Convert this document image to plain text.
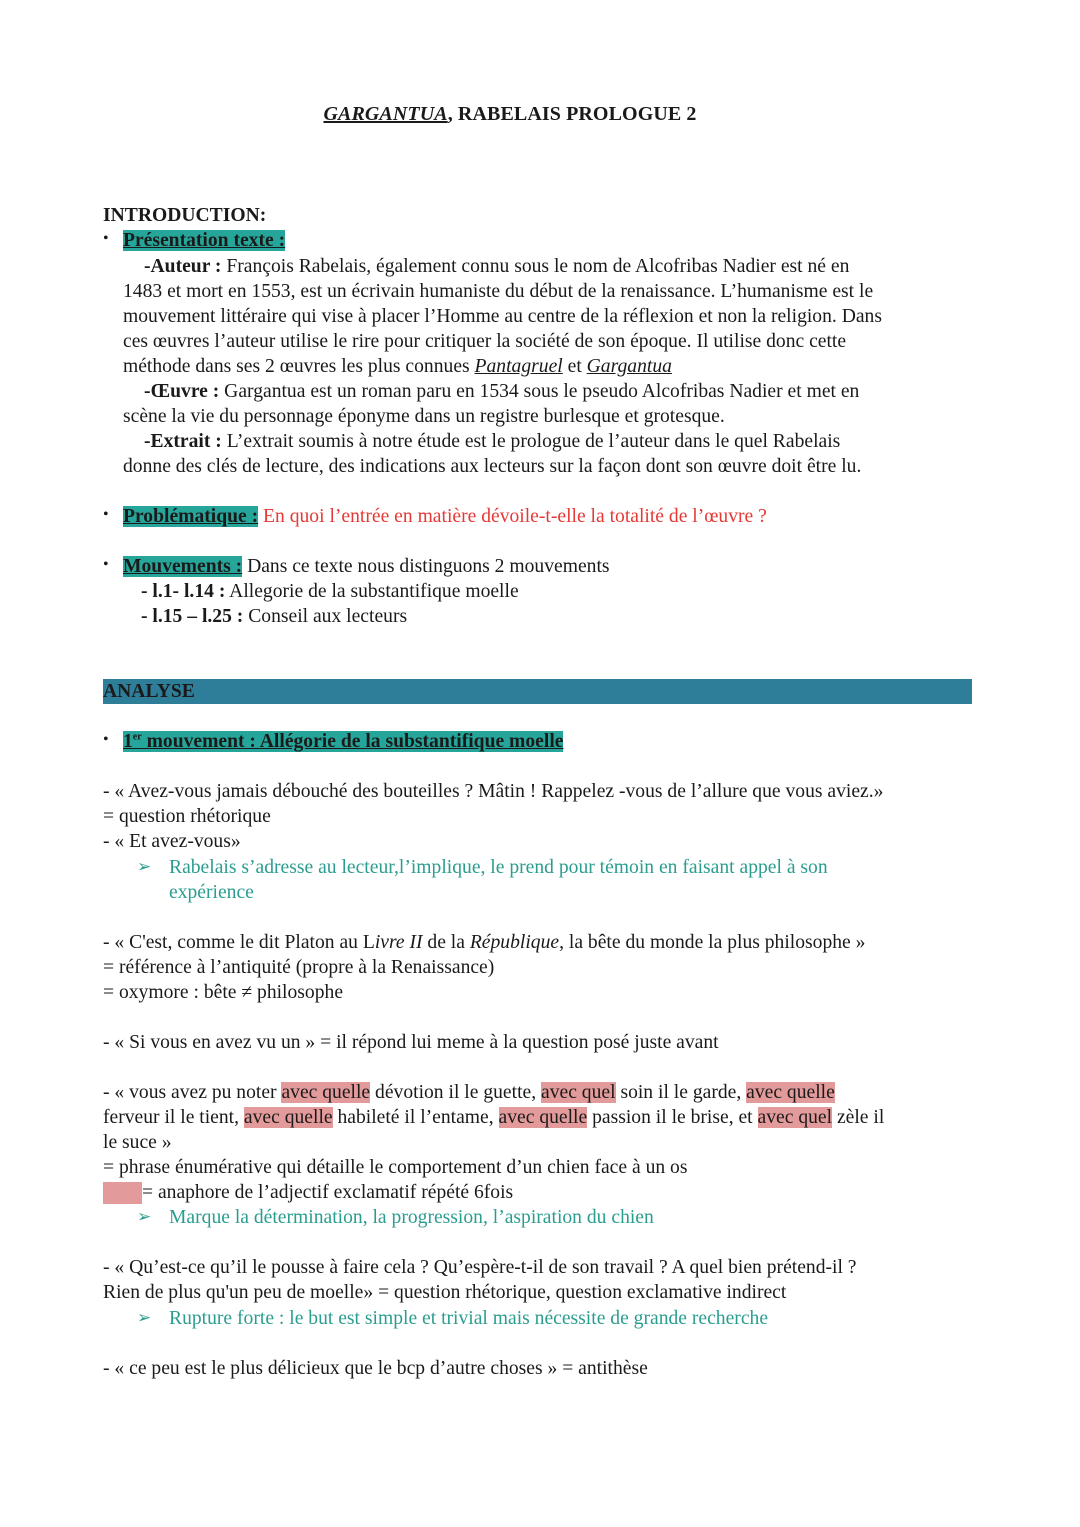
GARGANTUA, RABELAIS PROLOGUE 2
INTRODUCTION:
• Présentation texte :
-Auteur : François Rabelais, également connu sous le nom de Alcofribas Nadier est né en
1483 et mort en 1553, est un écrivain humaniste du début de la renaissance. L’humanisme est le
mouvement littéraire qui vise à placer l’Homme au centre de la réflexion et non la religion. Dans
ces œuvres l’auteur utilise le rire pour critiquer la société de son époque. Il utilise donc cette
méthode dans ses 2 œuvres les plus connues Pantagruel et Gargantua
-Œuvre : Gargantua est un roman paru en 1534 sous le pseudo Alcofribas Nadier et met en
scène la vie du personnage éponyme dans un registre burlesque et grotesque.
-Extrait : L’extrait soumis à notre étude est le prologue de l’auteur dans le quel Rabelais
donne des clés de lecture, des indications aux lecteurs sur la façon dont son œuvre doit être lu.
• Problématique : En quoi l’entrée en matière dévoile-t-elle la totalité de l’œuvre ?
• Mouvements : Dans ce texte nous distinguons 2 mouvements
- l.1- l.14 : Allegorie de la substantifique moelle
- l.15 – l.25 : Conseil aux lecteurs
ANALYSE
• 1er mouvement : Allégorie de la substantifique moelle
- « Avez-vous jamais débouché des bouteilles ? Mâtin ! Rappelez -vous de l’allure que vous aviez.»
= question rhétorique
- « Et avez-vous»
➢ Rabelais s’adresse au lecteur,l’implique, le prend pour témoin en faisant appel à son
expérience
- « C'est, comme le dit Platon au Livre II de la République, la bête du monde la plus philosophe »
= référence à l’antiquité (propre à la Renaissance)
= oxymore : bête ≠ philosophe
- « Si vous en avez vu un » = il répond lui meme à la question posé juste avant
- « vous avez pu noter avec quelle dévotion il le guette, avec quel soin il le garde, avec quelle
ferveur il le tient, avec quelle habileté il l’entame, avec quelle passion il le brise, et avec quel zèle il
le suce »
= phrase énumérative qui détaille le comportement d’un chien face à un os
= anaphore de l’adjectif exclamatif répété 6fois
➢ Marque la détermination, la progression, l’aspiration du chien
- « Qu’est-ce qu’il le pousse à faire cela ? Qu’espère-t-il de son travail ? A quel bien prétend-il ?
Rien de plus qu'un peu de moelle» = question rhétorique, question exclamative indirect
➢ Rupture forte : le but est simple et trivial mais nécessite de grande recherche
- « ce peu est le plus délicieux que le bcp d’autre choses » = antithèse
